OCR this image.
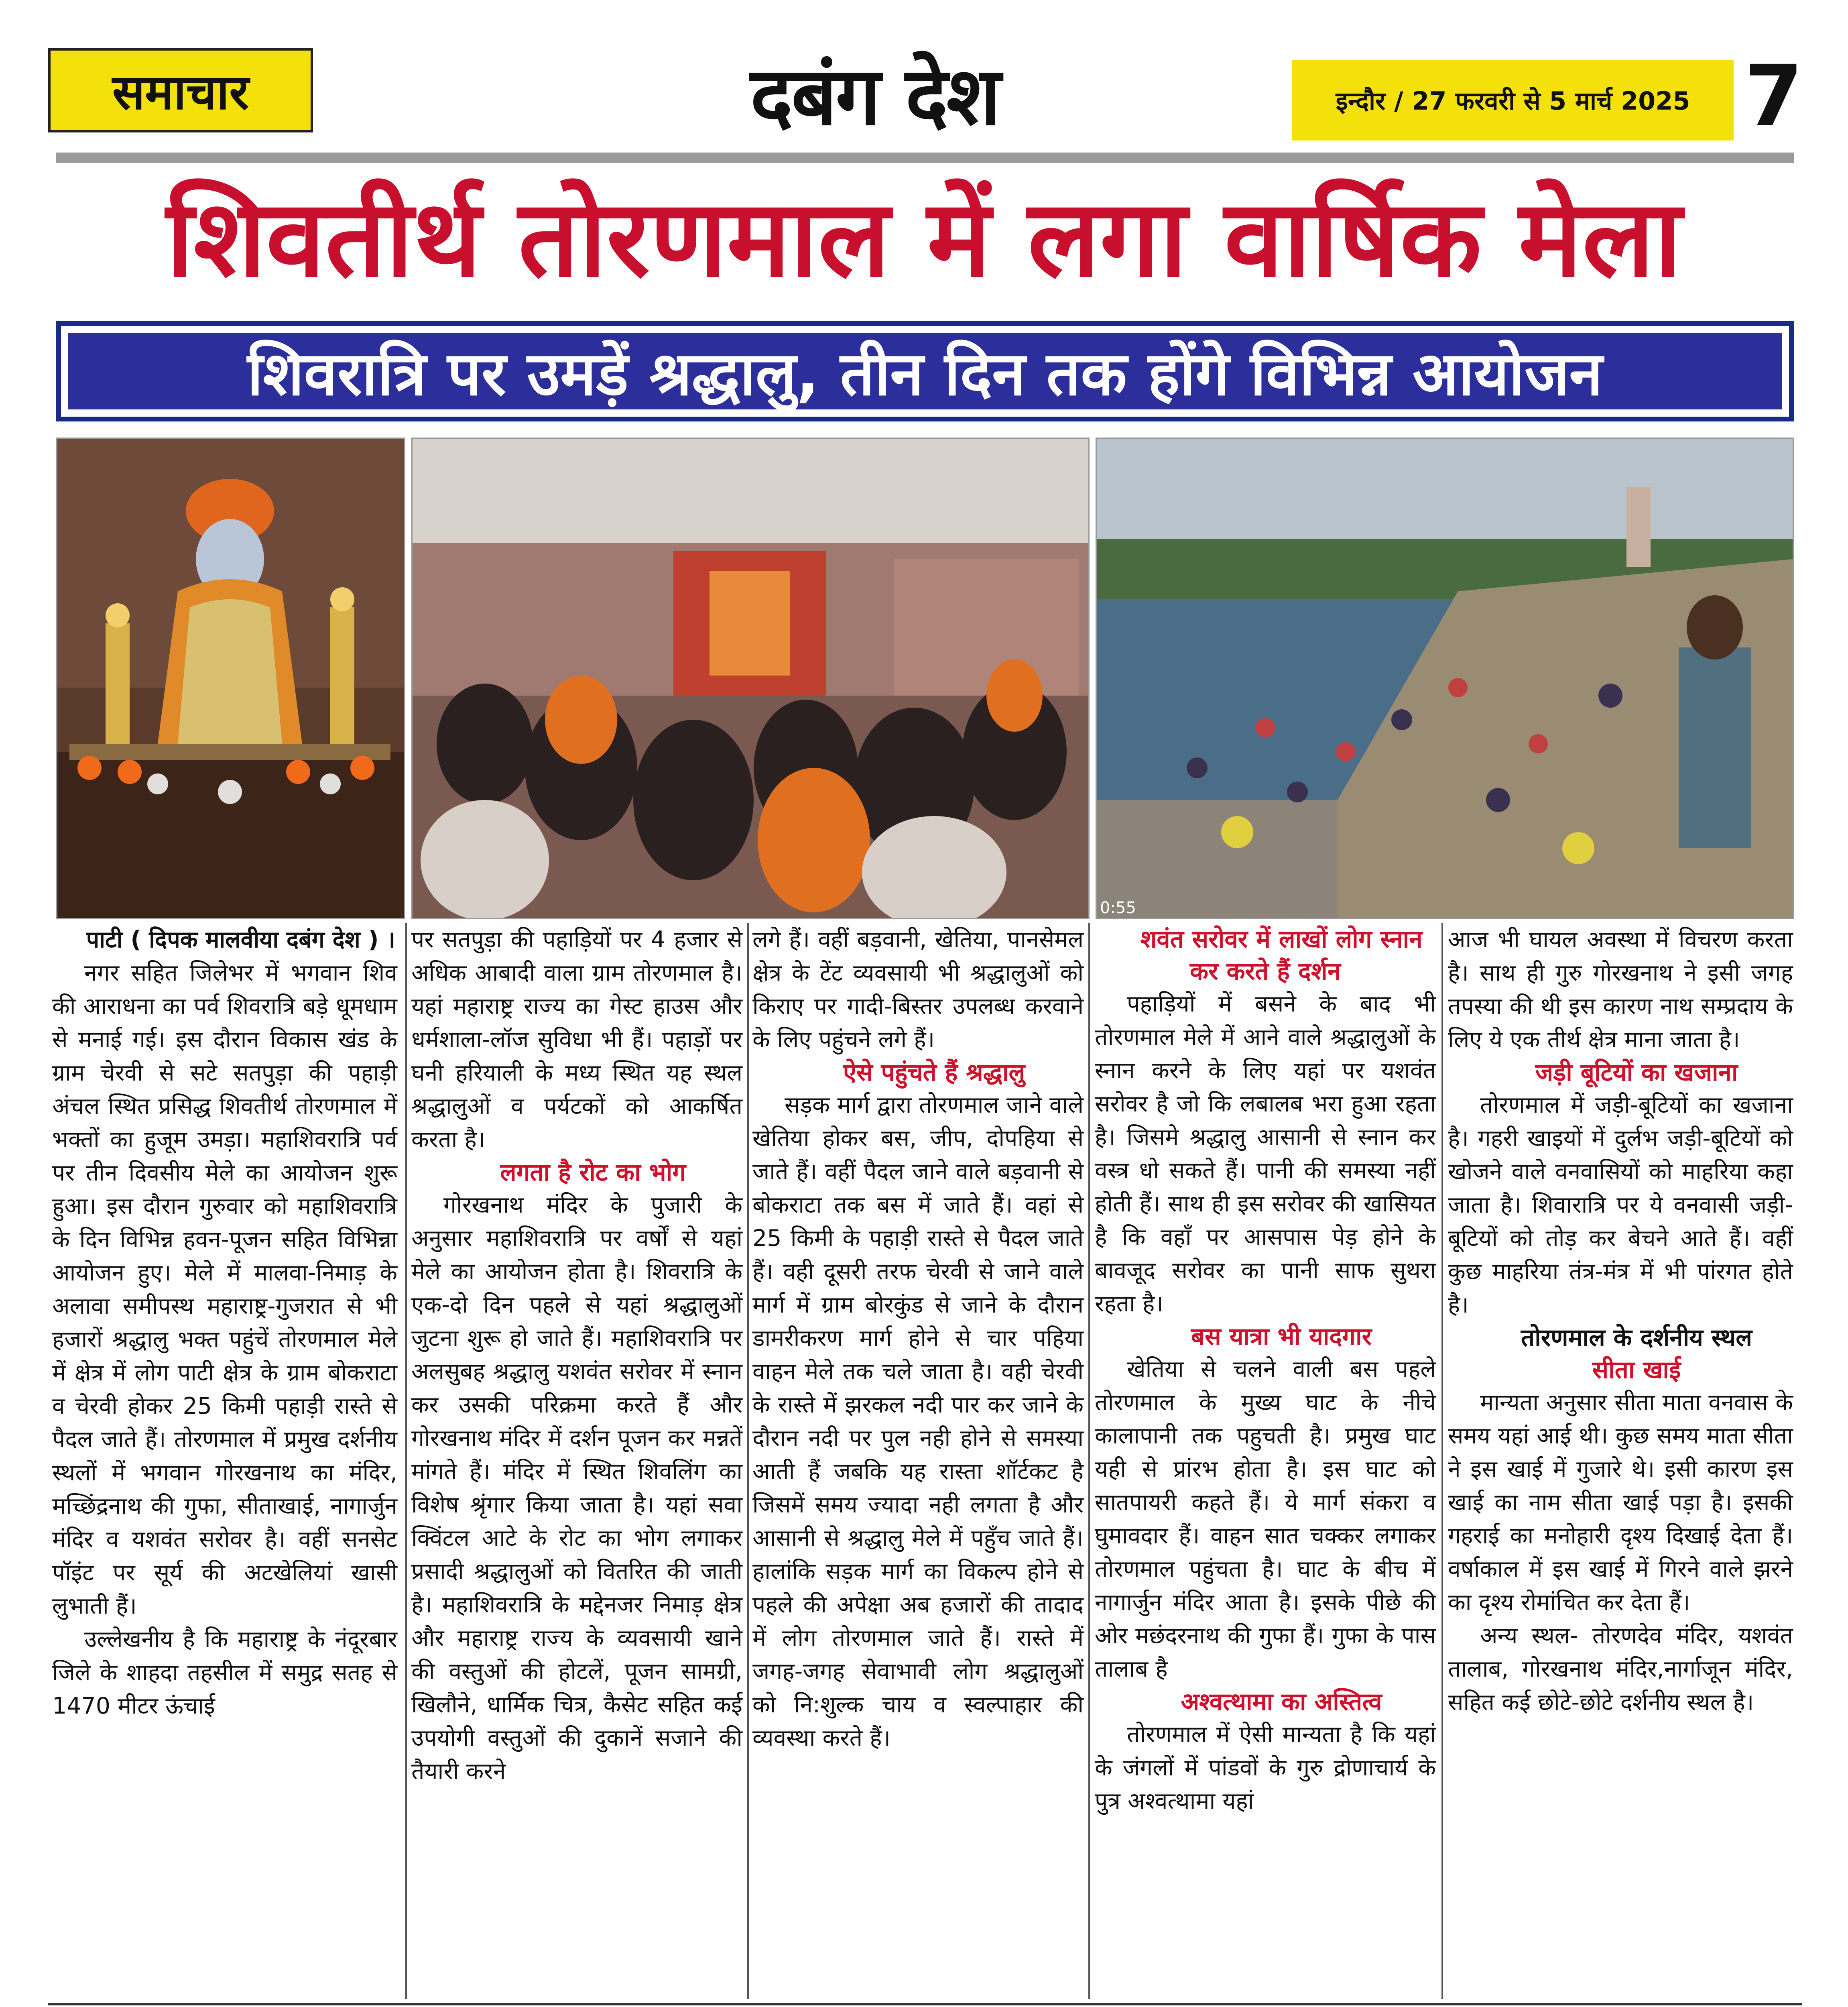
समाचार	दबंग देश	इन्दौर / 27 फरवरी से 5 मार्च 2025 7
शिवतीर्थ तोरणमाल में लगा वार्षिक मेला
शिवरात्रि पर उमड़ें श्रद्धालु, तीन दिन तक होंगे विभिन्न आयोजन
0:55

पाटी ( दिपक मालवीया दबंग देश ) ।

नगर सहित जिलेभर में भगवान शिव की आराधना का पर्व शिवरात्रि बड़े धूमधाम से मनाई गई। इस दौरान विकास खंड के ग्राम चेरवी से सटे सतपुड़ा की पहाड़ी अंचल स्थित प्रसिद्ध शिवतीर्थ तोरणमाल में भक्तों का हुजूम उमड़ा। महाशिवरात्रि पर्व पर तीन दिवसीय मेले का आयोजन शुरू हुआ। इस दौरान गुरुवार को महाशिवरात्रि के दिन विभिन्न हवन-पूजन सहित विभिन्ना आयोजन हुए। मेले में मालवा-निमाड़ के अलावा समीपस्थ महाराष्ट्र-गुजरात से भी हजारों श्रद्धालु भक्त पहुंचें तोरणमाल मेले में क्षेत्र में लोग पाटी क्षेत्र के ग्राम बोकराटा व चेरवी होकर 25 किमी पहाड़ी रास्ते से पैदल जाते हैं। तोरणमाल में प्रमुख दर्शनीय स्थलों में भगवान गोरखनाथ का मंदिर, मच्छिंद्रनाथ की गुफा, सीताखाई, नागार्जुन मंदिर व यशवंत सरोवर है। वहीं सनसेट पॉइंट पर सूर्य की अटखेलियां खासी लुभाती हैं।

उल्लेखनीय है कि महाराष्ट्र के नंदूरबार जिले के शाहदा तहसील में समुद्र सतह से 1470 मीटर ऊंचाई

पर सतपुड़ा की पहाड़ियों पर 4 हजार से अधिक आबादी वाला ग्राम तोरणमाल है। यहां महाराष्ट्र राज्य का गेस्ट हाउस और धर्मशाला-लॉज सुविधा भी हैं। पहाड़ों पर घनी हरियाली के मध्य स्थित यह स्थल श्रद्धालुओं व पर्यटकों को आकर्षित करता है।

लगता है रोट का भोग

गोरखनाथ मंदिर के पुजारी के अनुसार महाशिवरात्रि पर वर्षों से यहां मेले का आयोजन होता है। शिवरात्रि के एक-दो दिन पहले से यहां श्रद्धालुओं जुटना शुरू हो जाते हैं। महाशिवरात्रि पर अलसुबह श्रद्धालु यशवंत सरोवर में स्नान कर उसकी परिक्रमा करते हैं और गोरखनाथ मंदिर में दर्शन पूजन कर मन्नतें मांगते हैं। मंदिर में स्थित शिवलिंग का विशेष श्रृंगार किया जाता है। यहां सवा क्विंटल आटे के रोट का भोग लगाकर प्रसादी श्रद्धालुओं को वितरित की जाती है। महाशिवरात्रि के मद्देनजर निमाड़ क्षेत्र और महाराष्ट्र राज्य के व्यवसायी खाने की वस्तुओं की होटलें, पूजन सामग्री, खिलौने, धार्मिक चित्र, कैसेट सहित कई उपयोगी वस्तुओं की दुकानें सजाने की तैयारी करने

लगे हैं। वहीं बड़वानी, खेतिया, पानसेमल क्षेत्र के टेंट व्यवसायी भी श्रद्धालुओं को किराए पर गादी-बिस्तर उपलब्ध करवाने के लिए पहुंचने लगे हैं।

ऐसे पहुंचते हैं श्रद्धालु

सड़क मार्ग द्वारा तोरणमाल जाने वाले खेतिया होकर बस, जीप, दोपहिया से जाते हैं। वहीं पैदल जाने वाले बड़वानी से बोकराटा तक बस में जाते हैं। वहां से 25 किमी के पहाड़ी रास्ते से पैदल जाते हैं। वही दूसरी तरफ चेरवी से जाने वाले मार्ग में ग्राम बोरकुंड से जाने के दौरान डामरीकरण मार्ग होने से चार पहिया वाहन मेले तक चले जाता है। वही चेरवी के रास्ते में झरकल नदी पार कर जाने के दौरान नदी पर पुल नही होने से समस्या आती हैं जबकि यह रास्ता शॉर्टकट है जिसमें समय ज्यादा नही लगता है और आसानी से श्रद्धालु मेले में पहुँच जाते हैं। हालांकि सड़क मार्ग का विकल्प होने से पहले की अपेक्षा अब हजारों की तादाद में लोग तोरणमाल जाते हैं। रास्ते में जगह-जगह सेवाभावी लोग श्रद्धालुओं को नि:शुल्क चाय व स्वल्पाहार की व्यवस्था करते हैं।

शवंत सरोवर में लाखों लोग स्नान कर करते हैं दर्शन

पहाड़ियों में बसने के बाद भी तोरणमाल मेले में आने वाले श्रद्धालुओं के स्नान करने के लिए यहां पर यशवंत सरोवर है जो कि लबालब भरा हुआ रहता है। जिसमे श्रद्धालु आसानी से स्नान कर वस्त्र धो सकते हैं। पानी की समस्या नहीं होती हैं। साथ ही इस सरोवर की खासियत है कि वहाँ पर आसपास पेड़ होने के बावजूद सरोवर का पानी साफ सुथरा रहता है।

बस यात्रा भी यादगार

खेतिया से चलने वाली बस पहले तोरणमाल के मुख्य घाट के नीचे कालापानी तक पहुचती है। प्रमुख घाट यही से प्रांरभ होता है। इस घाट को सातपायरी कहते हैं। ये मार्ग संकरा व घुमावदार हैं। वाहन सात चक्कर लगाकर तोरणमाल पहुंचता है। घाट के बीच में नागार्जुन मंदिर आता है। इसके पीछे की ओर मछंदरनाथ की गुफा हैं। गुफा के पास तालाब है

अश्वत्थामा का अस्तित्व

तोरणमाल में ऐसी मान्यता है कि यहां के जंगलों में पांडवों के गुरु द्रोणाचार्य के पुत्र अश्वत्थामा यहां

आज भी घायल अवस्था में विचरण करता है। साथ ही गुरु गोरखनाथ ने इसी जगह तपस्या की थी इस कारण नाथ सम्प्रदाय के लिए ये एक तीर्थ क्षेत्र माना जाता है।

जड़ी बूटियों का खजाना

तोरणमाल में जड़ी-बूटियों का खजाना है। गहरी खाइयों में दुर्लभ जड़ी-बूटियों को खोजने वाले वनवासियों को माहरिया कहा जाता है। शिवारात्रि पर ये वनवासी जड़ी-बूटियों को तोड़ कर बेचने आते हैं। वहीं कुछ माहरिया तंत्र-मंत्र में भी पांरगत होते है।

तोरणमाल के दर्शनीय स्थल

सीता खाई

मान्यता अनुसार सीता माता वनवास के समय यहां आई थी। कुछ समय माता सीता ने इस खाई में गुजारे थे। इसी कारण इस खाई का नाम सीता खाई पड़ा है। इसकी गहराई का मनोहारी दृश्य दिखाई देता हैं। वर्षाकाल में इस खाई में गिरने वाले झरने का दृश्य रोमांचित कर देता हैं।

अन्य स्थल- तोरणदेव मंदिर, यशवंत तालाब, गोरखनाथ मंदिर,नार्गाजून मंदिर, सहित कई छोटे-छोटे दर्शनीय स्थल है।
